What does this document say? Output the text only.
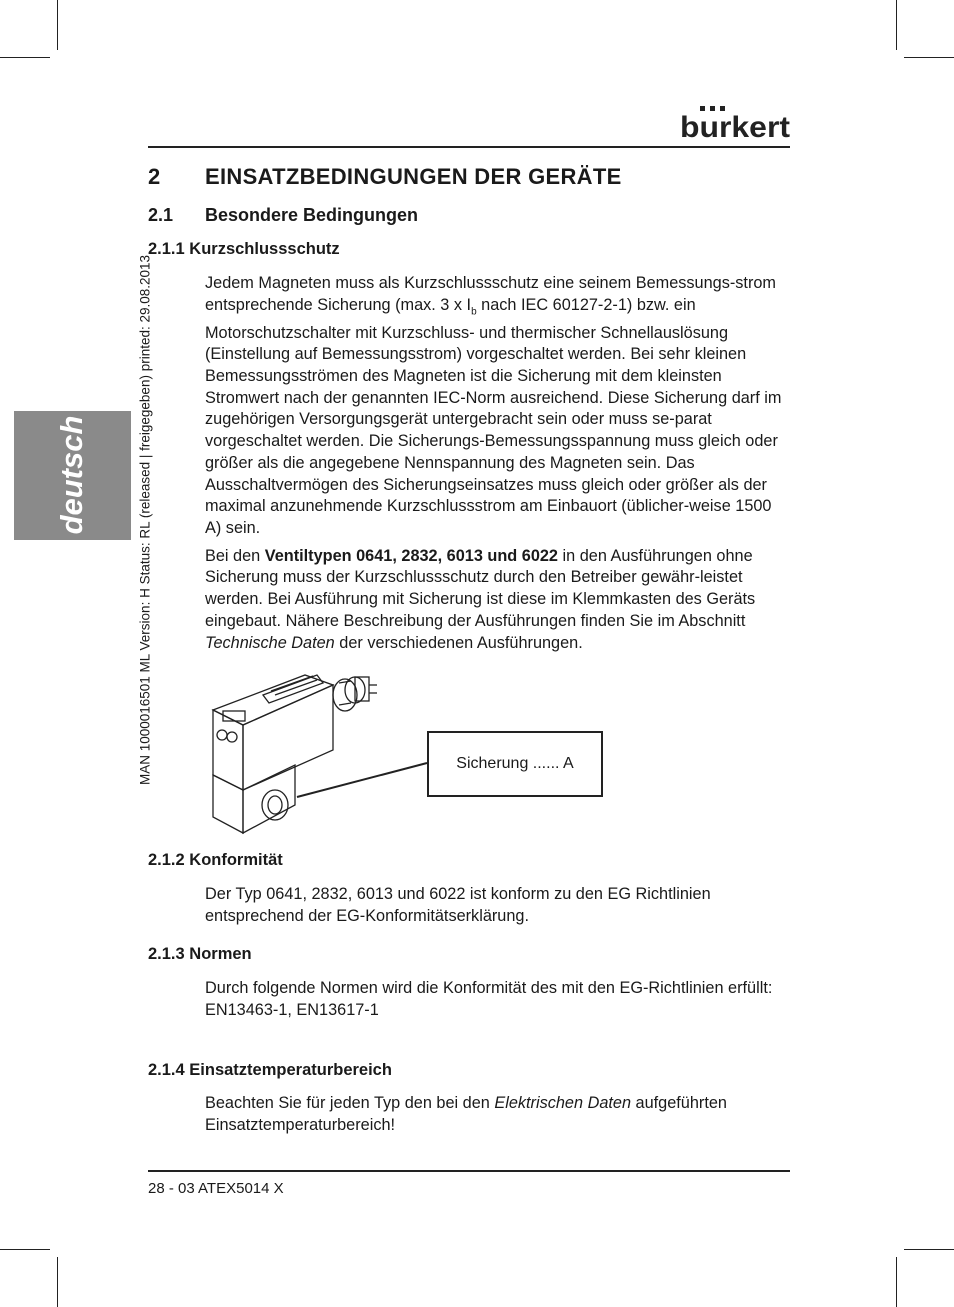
burkert
deutsch	MAN 1000016501 ML Version: H Status: RL (released | freigegeben) printed: 29.08.2013
2 EINSATZBEDINGUNGEN DER GERÄTE
2.1 Besondere Bedingungen
2.1.1 Kurzschlussschutz

Jedem Magneten muss als Kurzschlussschutz eine seinem Bemessungs-strom entsprechende Sicherung (max. 3 x $I_b$ nach IEC 60127-2-1) bzw. ein Motorschutzschalter mit Kurzschluss- und thermischer Schnellauslösung (Einstellung auf Bemessungsstrom) vorgeschaltet werden. Bei sehr kleinen Bemessungsströmen des Magneten ist die Sicherung mit dem kleinsten Stromwert nach der genannten IEC-Norm ausreichend. Diese Sicherung darf im zugehörigen Versorgungsgerät untergebracht sein oder muss se-parat vorgeschaltet werden. Die Sicherungs-Bemessungsspannung muss gleich oder größer als die angegebene Nennspannung des Magneten sein. Das Ausschaltvermögen des Sicherungseinsatzes muss gleich oder größer als der maximal anzunehmende Kurzschlussstrom am Einbauort (üblicher-weise 1500 A) sein.

Bei den Ventiltypen 0641, 2832, 6013 und 6022 in den Ausführungen ohne Sicherung muss der Kurzschlussschutz durch den Betreiber gewähr-leistet werden. Bei Ausführung mit Sicherung ist diese im Klemmkasten des Geräts eingebaut. Nähere Beschreibung der Ausführungen finden Sie im Abschnitt Technische Daten der verschiedenen Ausführungen.

Sicherung ...... A
2.1.2 Konformität
Der Typ 0641, 2832, 6013 und 6022 ist konform zu den EG Richtlinien entsprechend der EG-Konformitätserklärung.
2.1.3 Normen

Durch folgende Normen wird die Konformität des mit den EG-Richtlinien erfüllt:

EN13463-1, EN13617-1

2.1.4 Einsatztemperaturbereich
Beachten Sie für jeden Typ den bei den Elektrischen Daten aufgeführten Einsatztemperaturbereich!
28 - 03 ATEX5014 X
